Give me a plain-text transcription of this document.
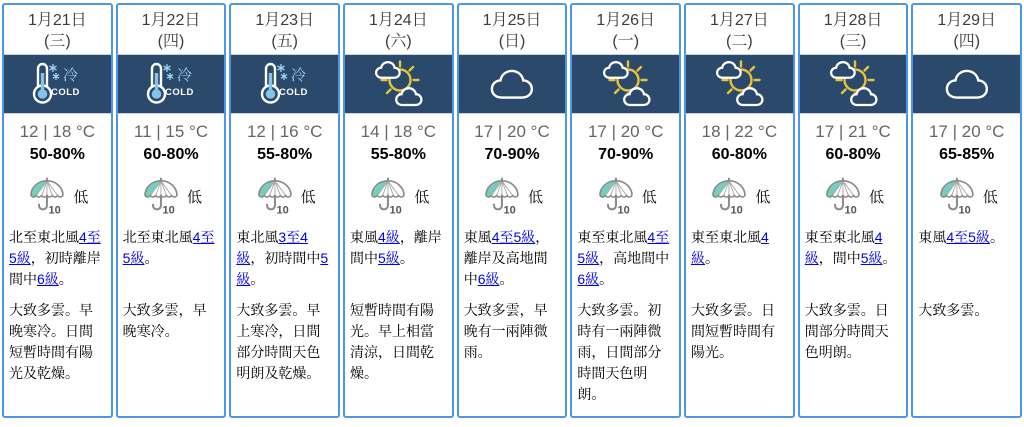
1月21日
(三)
冷
COLD
12 | 18 °C
50-80%
10
低

北至東北風4至5級，初時離岸間中6級。

大致多雲。早晚寒冷。日間短暫時間有陽光及乾燥。

1月22日
(四)
冷
COLD
11 | 15 °C
60-80%
10
低

北至東北風4至5級。

大致多雲，早晚寒冷。

1月23日
(五)
冷
COLD
12 | 16 °C
55-80%
10
低

東北風3至4級，初時間中5級。

大致多雲。早上寒冷，日間部分時間天色明朗及乾燥。

1月24日
(六)
14 | 18 °C
55-80%
10
低

東風4級，離岸間中5級。

短暫時間有陽光。早上相當清涼，日間乾燥。

1月25日
(日)
17 | 20 °C
70-90%
10
低

東風4至5級，離岸及高地間中6級。

大致多雲，早晚有一兩陣微雨。

1月26日
(一)
17 | 20 °C
70-90%
10
低

東至東北風4至5級，高地間中6級。

大致多雲。初時有一兩陣微雨，日間部分時間天色明朗。

1月27日
(二)
18 | 22 °C
60-80%
10
低

東至東北風4級。

大致多雲。日間短暫時間有陽光。

1月28日
(三)
17 | 21 °C
60-80%
10
低

東至東北風4級，間中5級。

大致多雲。日間部分時間天色明朗。

1月29日
(四)
17 | 20 °C
65-85%
10
低

東風4至5級。

大致多雲。
